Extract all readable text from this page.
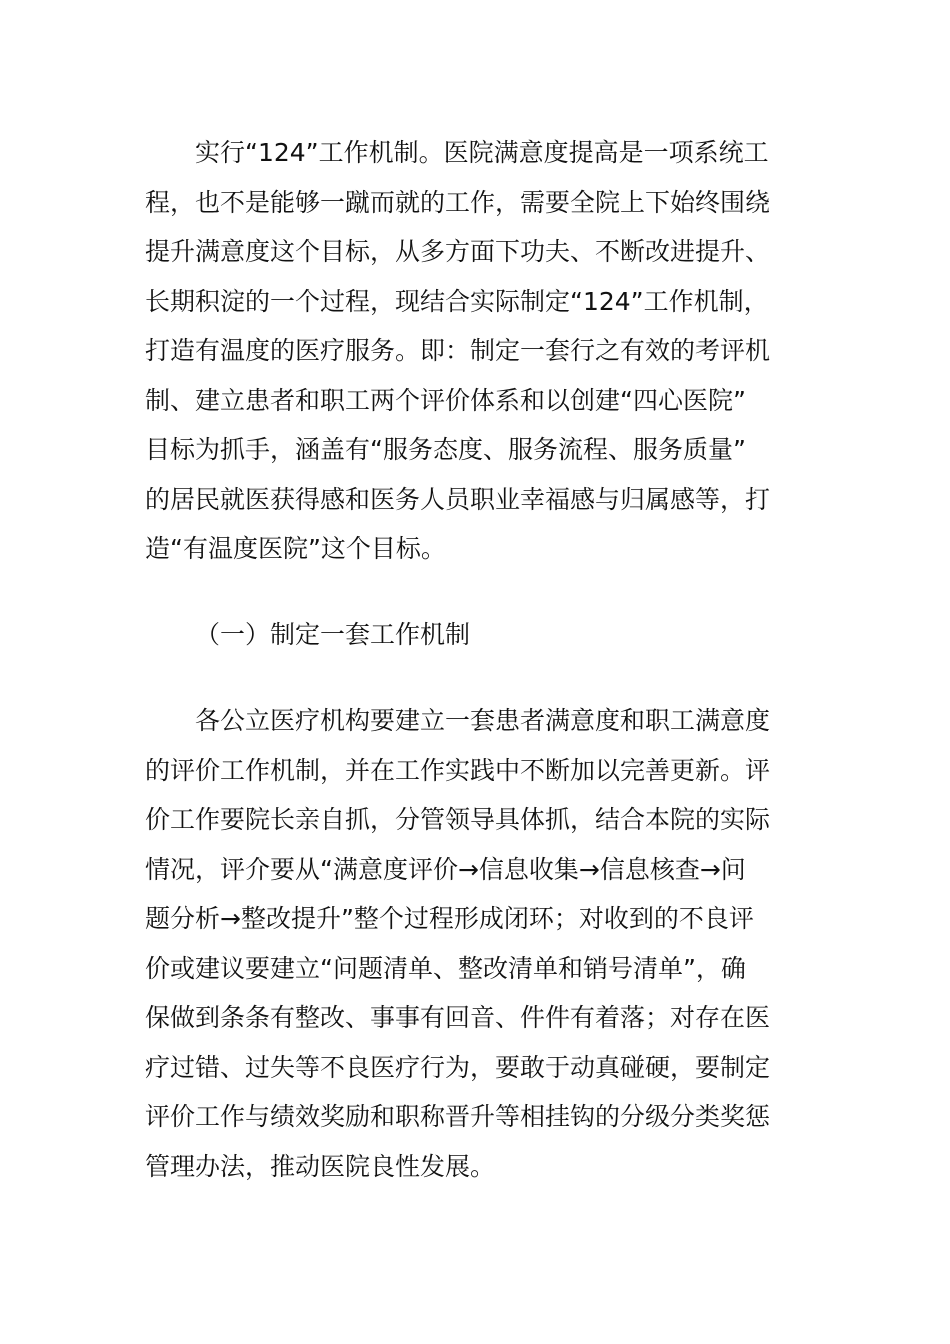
实行“124”工作机制。医院满意度提高是一项系统工
程，也不是能够一蹴而就的工作，需要全院上下始终围绕
提升满意度这个目标，从多方面下功夫、不断改进提升、
长期积淀的一个过程，现结合实际制定“124”工作机制，
打造有温度的医疗服务。即：制定一套行之有效的考评机
制、建立患者和职工两个评价体系和以创建“四心医院”
目标为抓手，涵盖有“服务态度、服务流程、服务质量”
的居民就医获得感和医务人员职业幸福感与归属感等，打
造“有温度医院”这个目标。
（一）制定一套工作机制
各公立医疗机构要建立一套患者满意度和职工满意度
的评价工作机制，并在工作实践中不断加以完善更新。评
价工作要院长亲自抓，分管领导具体抓，结合本院的实际
情况，评介要从“满意度评价→信息收集→信息核查→问
题分析→整改提升”整个过程形成闭环；对收到的不良评
价或建议要建立“问题清单、整改清单和销号清单”，确
保做到条条有整改、事事有回音、件件有着落；对存在医
疗过错、过失等不良医疗行为，要敢于动真碰硬，要制定
评价工作与绩效奖励和职称晋升等相挂钩的分级分类奖惩
管理办法，推动医院良性发展。
